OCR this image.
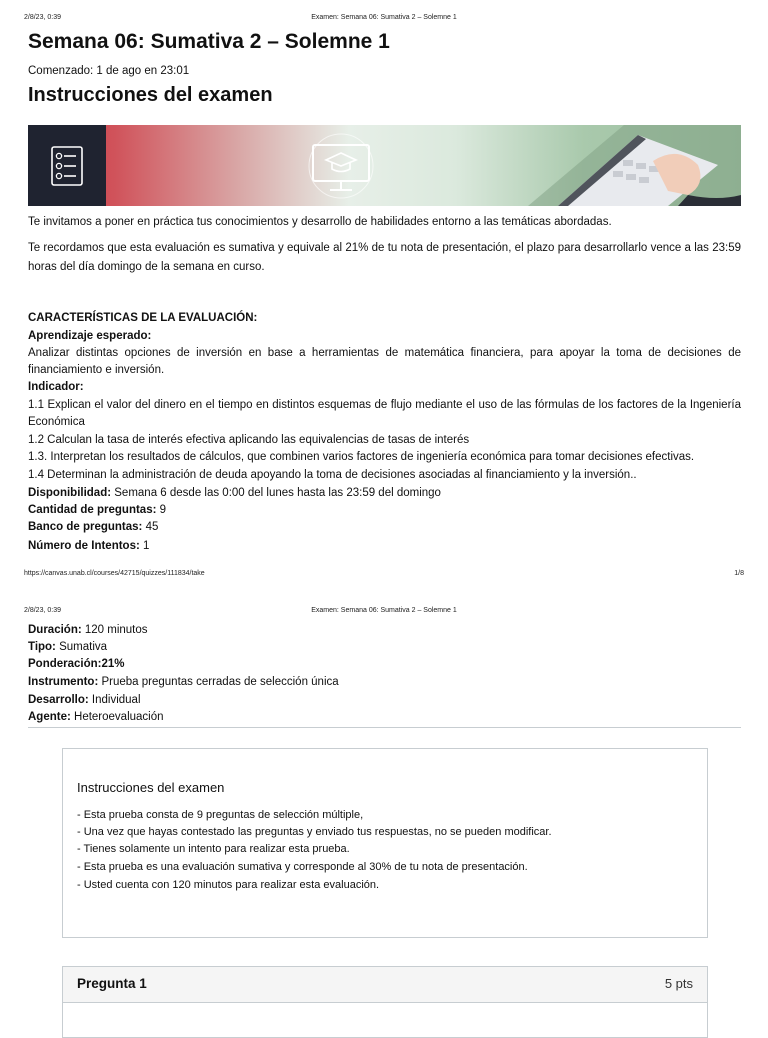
2/8/23, 0:39	Examen: Semana 06: Sumativa 2 – Solemne 1
Semana 06: Sumativa 2 – Solemne 1
Comenzado: 1 de ago en 23:01
Instrucciones del examen
Te invitamos a poner en práctica tus conocimientos y desarrollo de habilidades entorno a las temáticas abordadas.
Te recordamos que esta evaluación es sumativa y equivale al 21% de tu nota de presentación, el plazo para desarrollarlo vence a las 23:59 horas del día domingo de la semana en curso.
CARACTERÍSTICAS DE LA EVALUACIÓN:
Aprendizaje esperado:
Analizar distintas opciones de inversión en base a herramientas de matemática financiera, para apoyar la toma de decisiones de financiamiento e inversión.
Indicador:
1.1 Explican el valor del dinero en el tiempo en distintos esquemas de flujo mediante el uso de las fórmulas de los factores de la Ingeniería Económica
1.2 Calculan la tasa de interés efectiva aplicando las equivalencias de tasas de interés
1.3. Interpretan los resultados de cálculos, que combinen varios factores de ingeniería económica para tomar decisiones efectivas.
1.4 Determinan la administración de deuda apoyando la toma de decisiones asociadas al financiamiento y la inversión..
Disponibilidad: Semana 6 desde las 0:00 del lunes hasta las 23:59 del domingo
Cantidad de preguntas: 9
Banco de preguntas: 45
Número de Intentos: 1
https://canvas.unab.cl/courses/42715/quizzes/111834/take	1/8
2/8/23, 0:39	Examen: Semana 06: Sumativa 2 – Solemne 1
Duración: 120 minutos
Tipo: Sumativa
Ponderación:21%
Instrumento: Prueba preguntas cerradas de selección única
Desarrollo: Individual
Agente: Heteroevaluación
Instrucciones del examen
- Esta prueba consta de 9 preguntas de selección múltiple,
- Una vez que hayas contestado las preguntas y enviado tus respuestas, no se pueden modificar.
- Tienes solamente un intento para realizar esta prueba.
- Esta prueba es una evaluación sumativa y corresponde al 30% de tu nota de presentación.
- Usted cuenta con 120 minutos para realizar esta evaluación.
Pregunta 1	5 pts
